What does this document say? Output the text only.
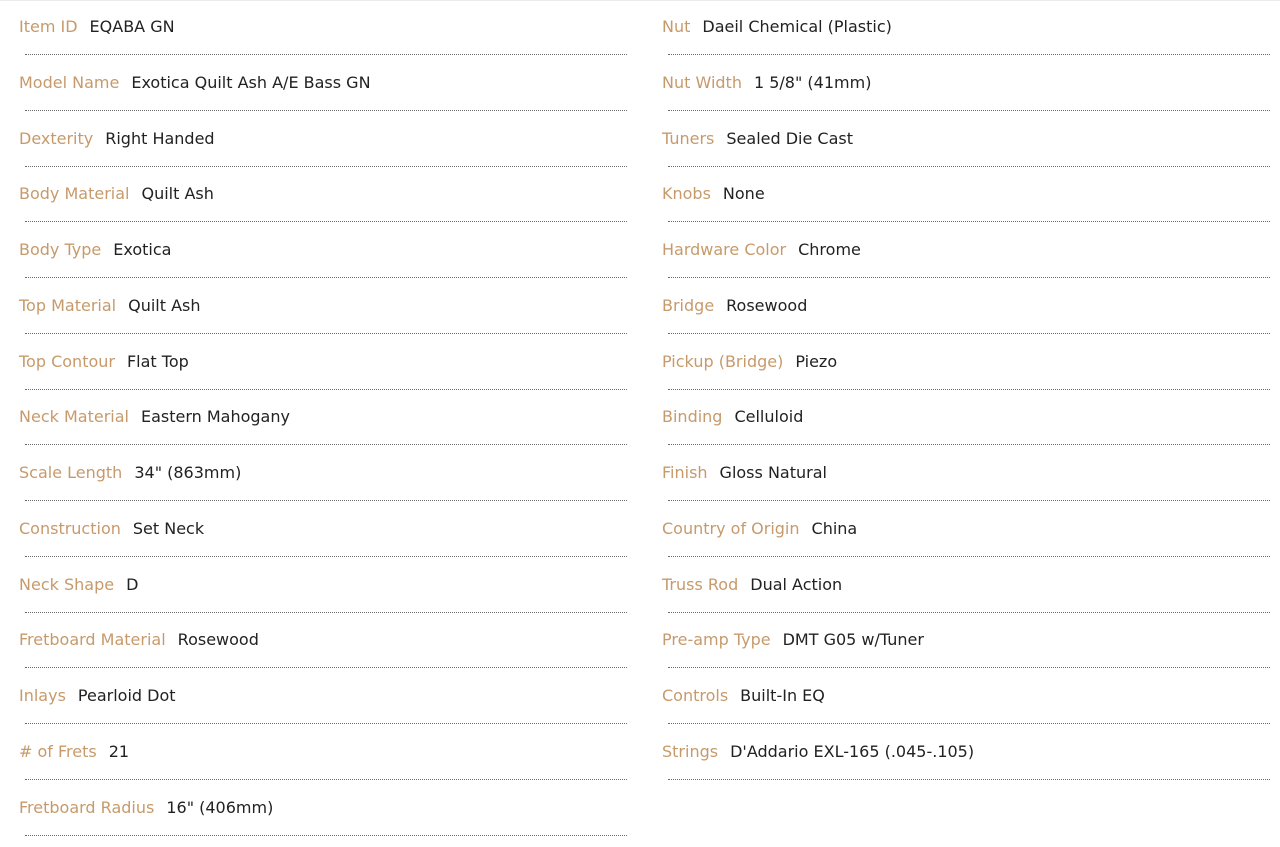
Item ID EQABA GN
Model Name Exotica Quilt Ash A/E Bass GN
Dexterity Right Handed
Body Material Quilt Ash
Body Type Exotica
Top Material Quilt Ash
Top Contour Flat Top
Neck Material Eastern Mahogany
Scale Length 34" (863mm)
Construction Set Neck
Neck Shape D
Fretboard Material Rosewood
Inlays Pearloid Dot
# of Frets 21
Fretboard Radius 16" (406mm)
Nut Daeil Chemical (Plastic)
Nut Width 1 5/8" (41mm)
Tuners Sealed Die Cast
Knobs None
Hardware Color Chrome
Bridge Rosewood
Pickup (Bridge) Piezo
Binding Celluloid
Finish Gloss Natural
Country of Origin China
Truss Rod Dual Action
Pre-amp Type DMT G05 w/Tuner
Controls Built-In EQ
Strings D'Addario EXL-165 (.045-.105)
